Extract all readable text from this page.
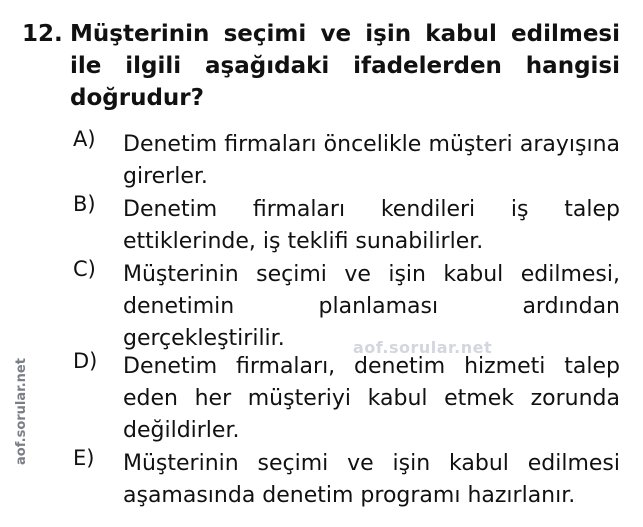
12. Müşterinin seçimi ve işin kabul edilmesi ile ilgili aşağıdaki ifadelerden hangisi doğrudur?
A) Denetim firmaları öncelikle müşteri arayışına girerler.
B) Denetim firmaları kendileri iş talep ettiklerinde, iş teklifi sunabilirler.
C) Müşterinin seçimi ve işin kabul edilmesi, denetimin planlaması ardından gerçekleştirilir.
D) Denetim firmaları, denetim hizmeti talep eden her müşteriyi kabul etmek zorunda değildirler.
E) Müşterinin seçimi ve işin kabul edilmesi aşamasında denetim programı hazırlanır.
aof.sorular.net
aof.sorular.net
